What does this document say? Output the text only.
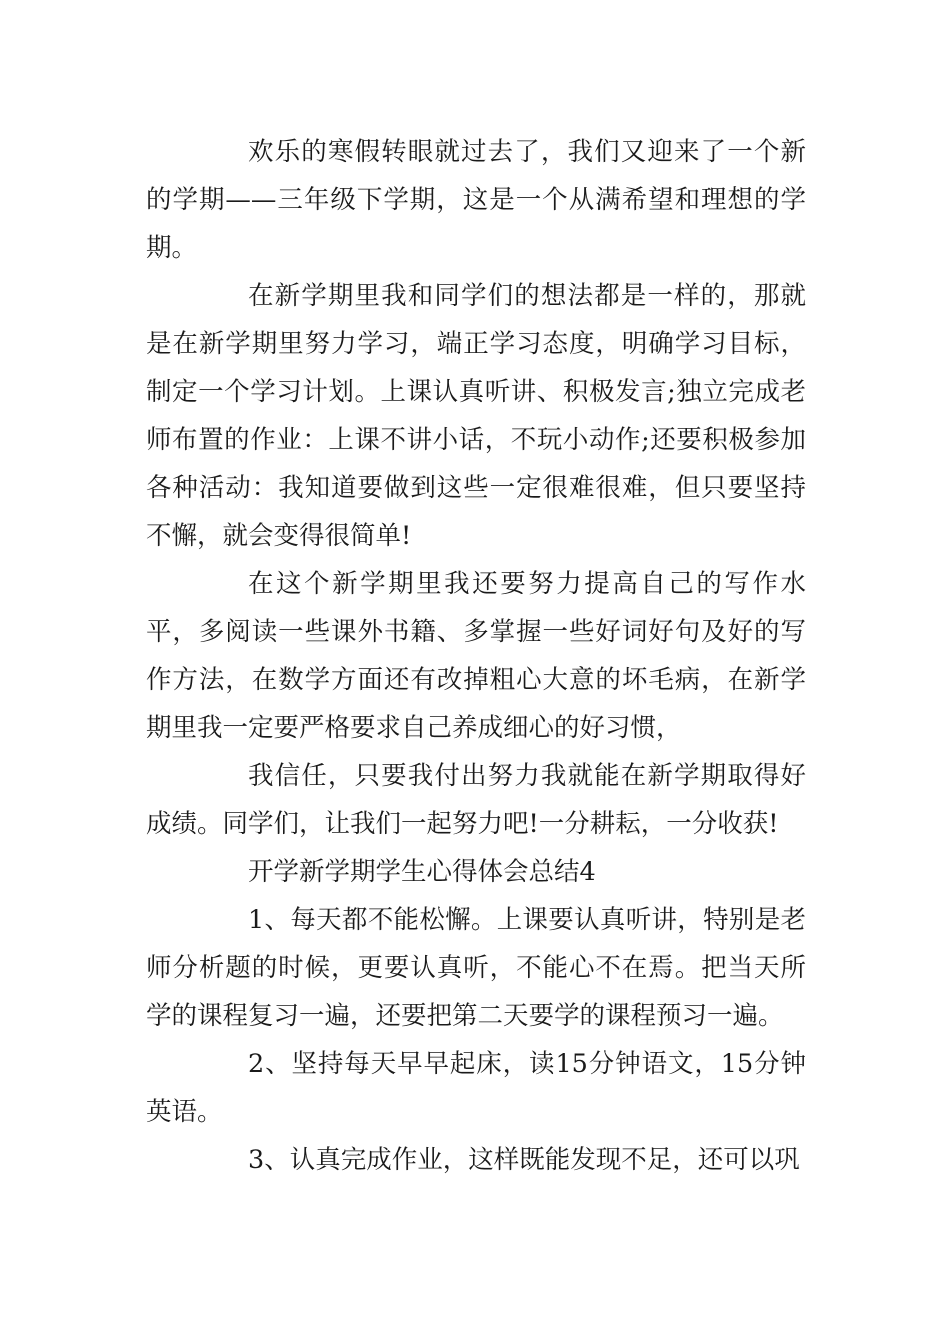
欢乐的寒假转眼就过去了，我们又迎来了一个新的学期——三年级下学期，这是一个从满希望和理想的学期。

在新学期里我和同学们的想法都是一样的，那就是在新学期里努力学习，端正学习态度，明确学习目标，制定一个学习计划。上课认真听讲、积极发言;独立完成老师布置的作业：上课不讲小话，不玩小动作;还要积极参加各种活动：我知道要做到这些一定很难很难，但只要坚持不懈，就会变得很简单!

在这个新学期里我还要努力提高自己的写作水平，多阅读一些课外书籍、多掌握一些好词好句及好的写作方法，在数学方面还有改掉粗心大意的坏毛病，在新学期里我一定要严格要求自己养成细心的好习惯，

我信任，只要我付出努力我就能在新学期取得好成绩。同学们，让我们一起努力吧!一分耕耘，一分收获!

开学新学期学生心得体会总结4

1、每天都不能松懈。上课要认真听讲，特别是老师分析题的时候，更要认真听，不能心不在焉。把当天所学的课程复习一遍，还要把第二天要学的课程预习一遍。

2、坚持每天早早起床，读15分钟语文，15分钟英语。

3、认真完成作业，这样既能发现不足，还可以巩
